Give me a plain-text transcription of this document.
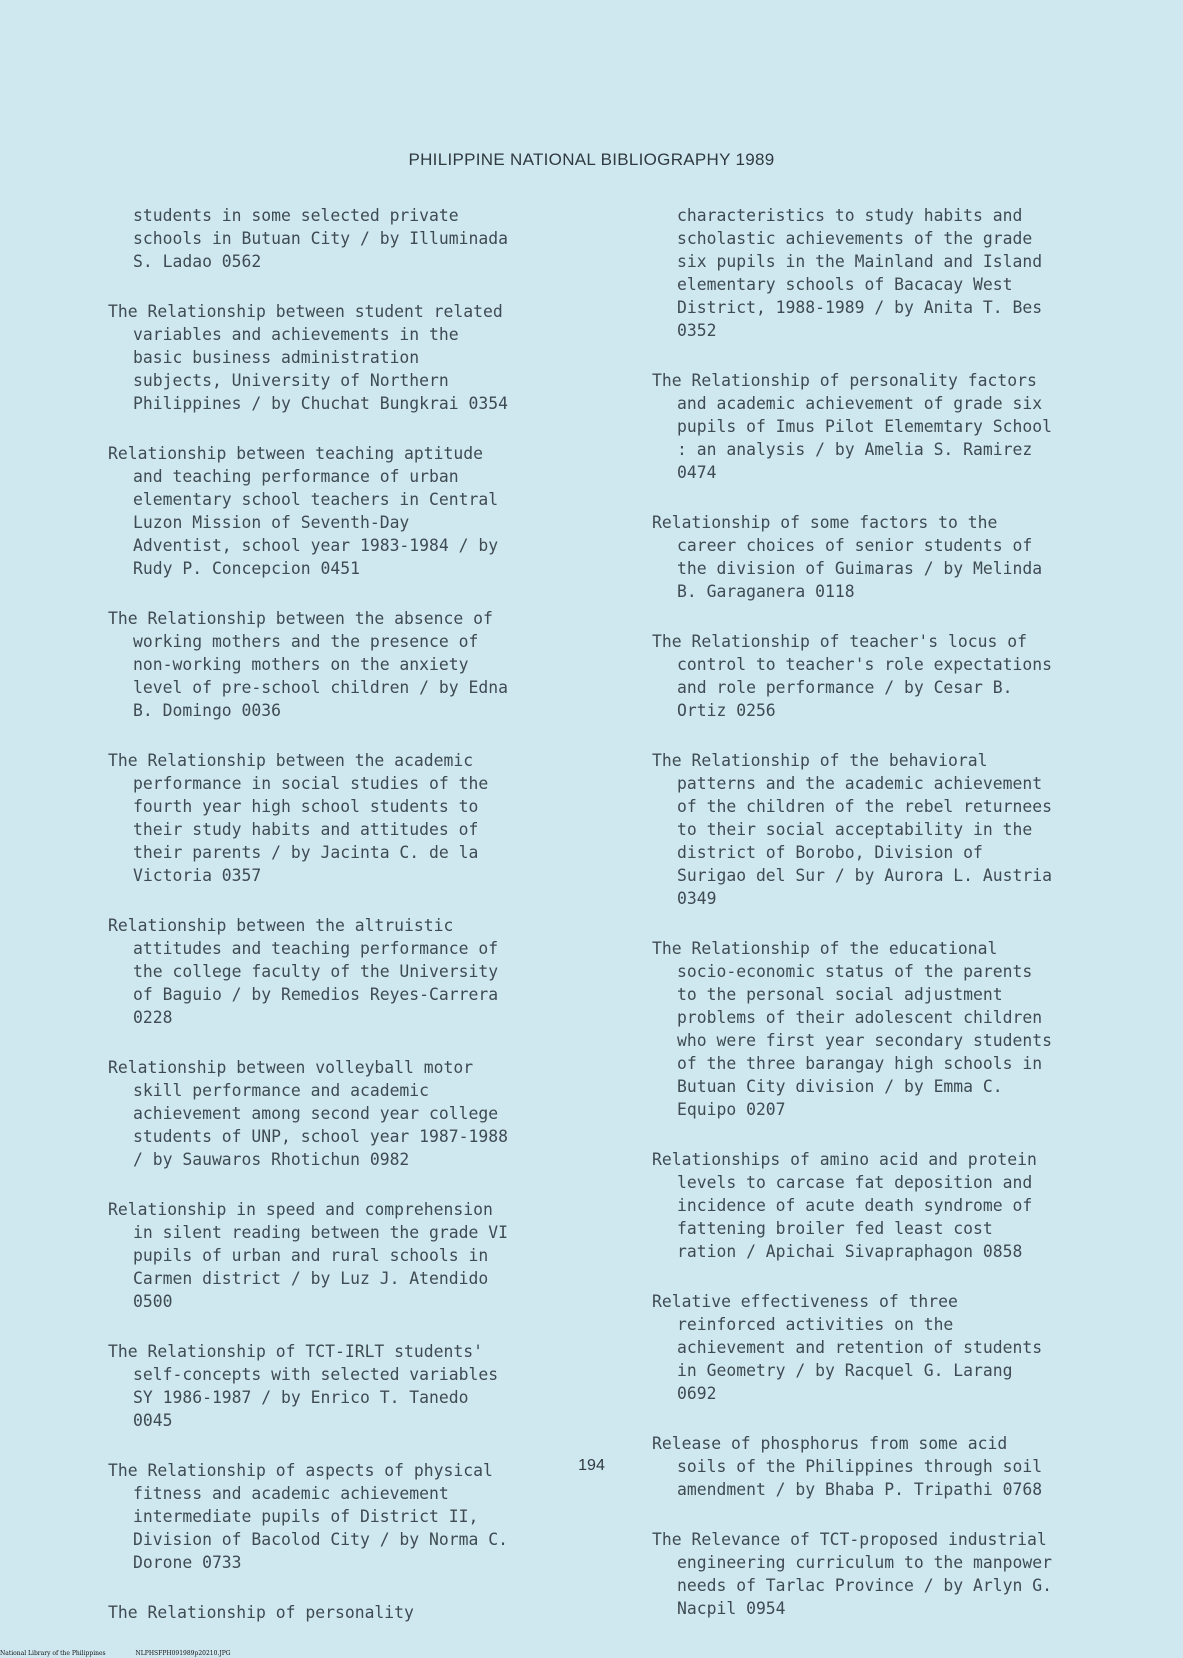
PHILIPPINE NATIONAL BIBLIOGRAPHY 1989
students in some selected private
schools in Butuan City / by Illuminada
S. Ladao 0562
The Relationship between student related
variables and achievements in the
basic business administration
subjects, University of Northern
Philippines / by Chuchat Bungkrai 0354
Relationship between teaching aptitude
and teaching performance of urban
elementary school teachers in Central
Luzon Mission of Seventh-Day
Adventist, school year 1983-1984 / by
Rudy P. Concepcion 0451
The Relationship between the absence of
working mothers and the presence of
non-working mothers on the anxiety
level of pre-school children / by Edna
B. Domingo 0036
The Relationship between the academic
performance in social studies of the
fourth year high school students to
their study habits and attitudes of
their parents / by Jacinta C. de la
Victoria 0357
Relationship between the altruistic
attitudes and teaching performance of
the college faculty of the University
of Baguio / by Remedios Reyes-Carrera
0228
Relationship between volleyball motor
skill performance and academic
achievement among second year college
students of UNP, school year 1987-1988
/ by Sauwaros Rhotichun 0982
Relationship in speed and comprehension
in silent reading between the grade VI
pupils of urban and rural schools in
Carmen district / by Luz J. Atendido
0500
The Relationship of TCT-IRLT students'
self-concepts with selected variables
SY 1986-1987 / by Enrico T. Tanedo
0045
The Relationship of aspects of physical
fitness and academic achievement
intermediate pupils of District II,
Division of Bacolod City / by Norma C.
Dorone 0733
The Relationship of personality
characteristics to study habits and
scholastic achievements of the grade
six pupils in the Mainland and Island
elementary schools of Bacacay West
District, 1988-1989 / by Anita T. Bes
0352
The Relationship of personality factors
and academic achievement of grade six
pupils of Imus Pilot Elememtary School
: an analysis / by Amelia S. Ramirez
0474
Relationship of some factors to the
career choices of senior students of
the division of Guimaras / by Melinda
B. Garaganera 0118
The Relationship of teacher's locus of
control to teacher's role expectations
and role performance / by Cesar B.
Ortiz 0256
The Relationship of the behavioral
patterns and the academic achievement
of the children of the rebel returnees
to their social acceptability in the
district of Borobo, Division of
Surigao del Sur / by Aurora L. Austria
0349
The Relationship of the educational
socio-economic status of the parents
to the personal social adjustment
problems of their adolescent children
who were first year secondary students
of the three barangay high schools in
Butuan City division / by Emma C.
Equipo 0207
Relationships of amino acid and protein
levels to carcase fat deposition and
incidence of acute death syndrome of
fattening broiler fed least cost
ration / Apichai Sivapraphagon 0858
Relative effectiveness of three
reinforced activities on the
achievement and retention of students
in Geometry / by Racquel G. Larang
0692
Release of phosphorus from some acid
soils of the Philippines through soil
amendment / by Bhaba P. Tripathi 0768
The Relevance of TCT-proposed industrial
engineering curriculum to the manpower
needs of Tarlac Province / by Arlyn G.
Nacpil 0954
194
National Library of the Philippines	NLPHSFPH091989p20210.JPG
